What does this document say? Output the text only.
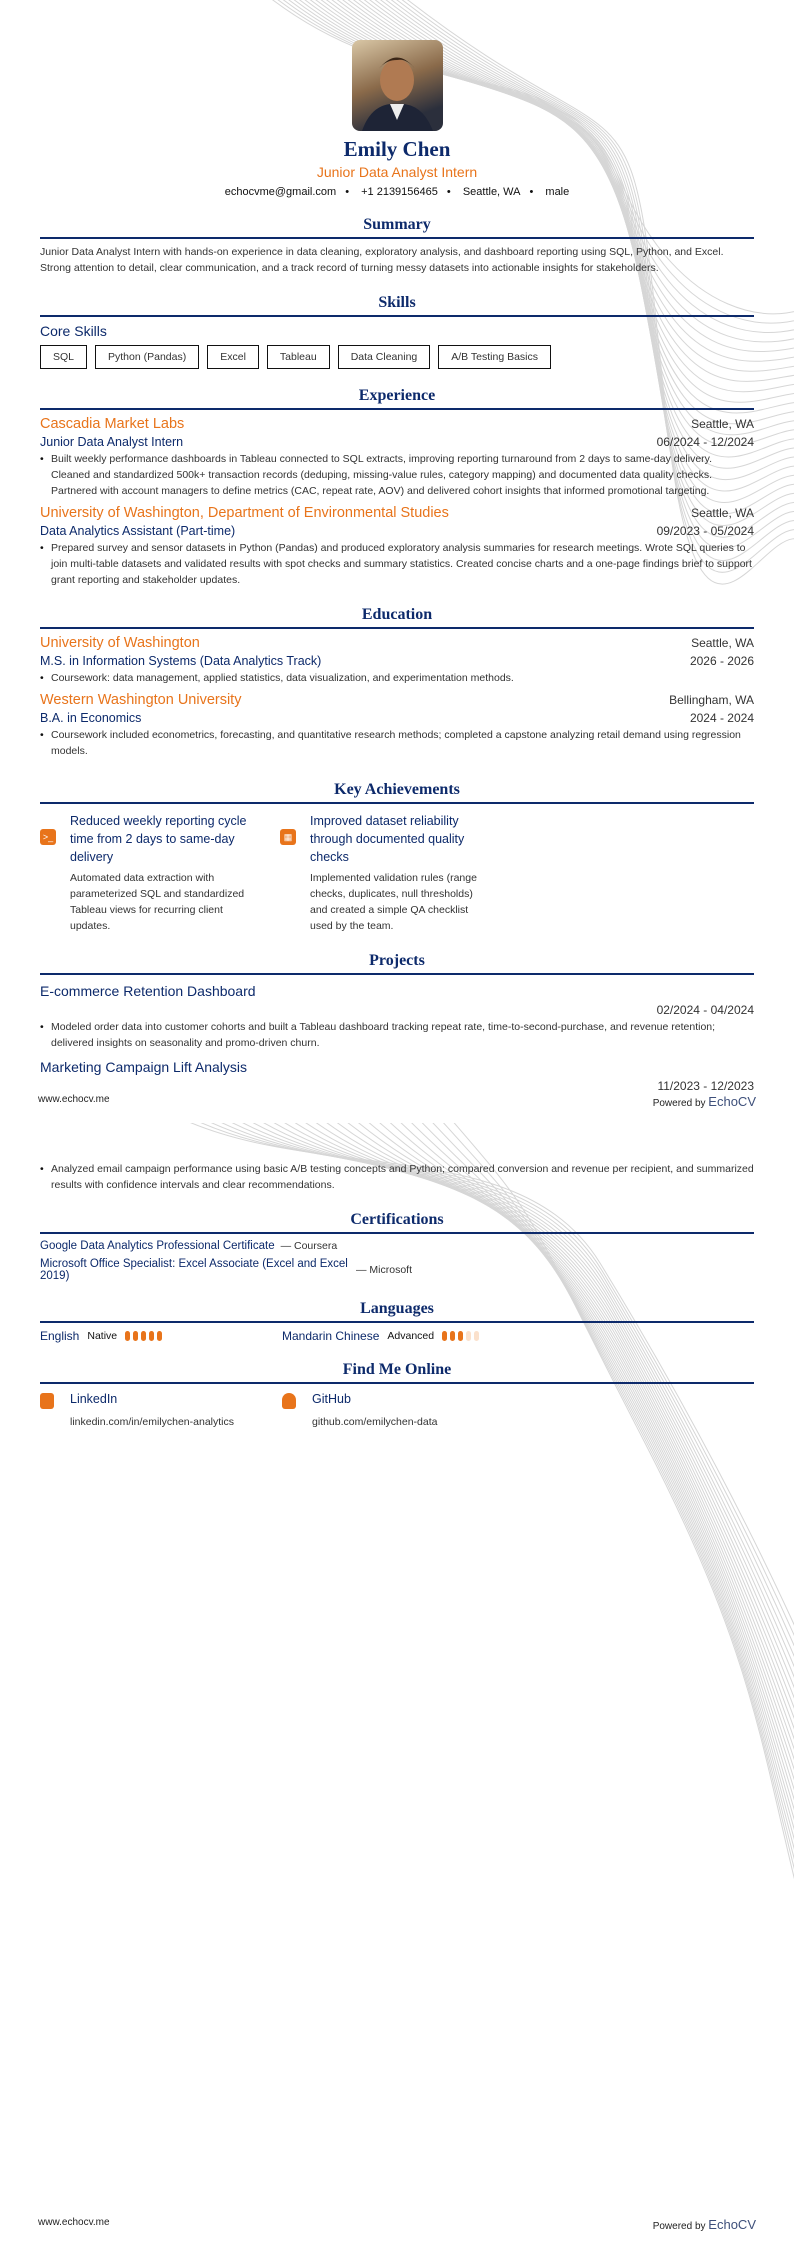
Emily Chen
Junior Data Analyst Intern
echocvme@gmail.com • +1 2139156465 • Seattle, WA • male
Summary
Junior Data Analyst Intern with hands-on experience in data cleaning, exploratory analysis, and dashboard reporting using SQL, Python, and Excel. Strong attention to detail, clear communication, and a track record of turning messy datasets into actionable insights for stakeholders.
Skills
Core Skills
SQL	Python (Pandas)	Excel	Tableau	Data Cleaning	A/B Testing Basics
Experience
Cascadia Market Labs	Seattle, WA
Junior Data Analyst Intern	06/2024 - 12/2024
• Built weekly performance dashboards in Tableau connected to SQL extracts, improving reporting turnaround from 2 days to same-day delivery. Cleaned and standardized 500k+ transaction records (deduping, missing-value rules, category mapping) and documented data quality checks. Partnered with account managers to define metrics (CAC, repeat rate, AOV) and delivered cohort insights that informed promotional targeting.
University of Washington, Department of Environmental Studies	Seattle, WA
Data Analytics Assistant (Part-time)	09/2023 - 05/2024
• Prepared survey and sensor datasets in Python (Pandas) and produced exploratory analysis summaries for research meetings. Wrote SQL queries to join multi-table datasets and validated results with spot checks and summary statistics. Created concise charts and a one-page findings brief to support grant reporting and stakeholder updates.
Education
University of Washington	Seattle, WA
M.S. in Information Systems (Data Analytics Track)	2026 - 2026
• Coursework: data management, applied statistics, data visualization, and experimentation methods.
Western Washington University	Bellingham, WA
B.A. in Economics	2024 - 2024
• Coursework included econometrics, forecasting, and quantitative research methods; completed a capstone analyzing retail demand using regression models.
Key Achievements
>_
Reduced weekly reporting cycle time from 2 days to same-day delivery
Automated data extraction with parameterized SQL and standardized Tableau views for recurring client updates.
▦
Improved dataset reliability through documented quality checks
Implemented validation rules (range checks, duplicates, null thresholds) and created a simple QA checklist used by the team.
Projects
E-commerce Retention Dashboard
02/2024 - 04/2024
• Modeled order data into customer cohorts and built a Tableau dashboard tracking repeat rate, time-to-second-purchase, and revenue retention; delivered insights on seasonality and promo-driven churn.
Marketing Campaign Lift Analysis
11/2023 - 12/2023
www.echocv.me	Powered by EchoCV
• Analyzed email campaign performance using basic A/B testing concepts and Python; compared conversion and revenue per recipient, and summarized results with confidence intervals and clear recommendations.
Certifications
Google Data Analytics Professional Certificate — Coursera
Microsoft Office Specialist: Excel Associate (Excel and Excel 2019)	— Microsoft
Languages
English Native	Mandarin Chinese Advanced
Find Me Online
LinkedIn
linkedin.com/in/emilychen-analytics
GitHub
github.com/emilychen-data
www.echocv.me	Powered by EchoCV
